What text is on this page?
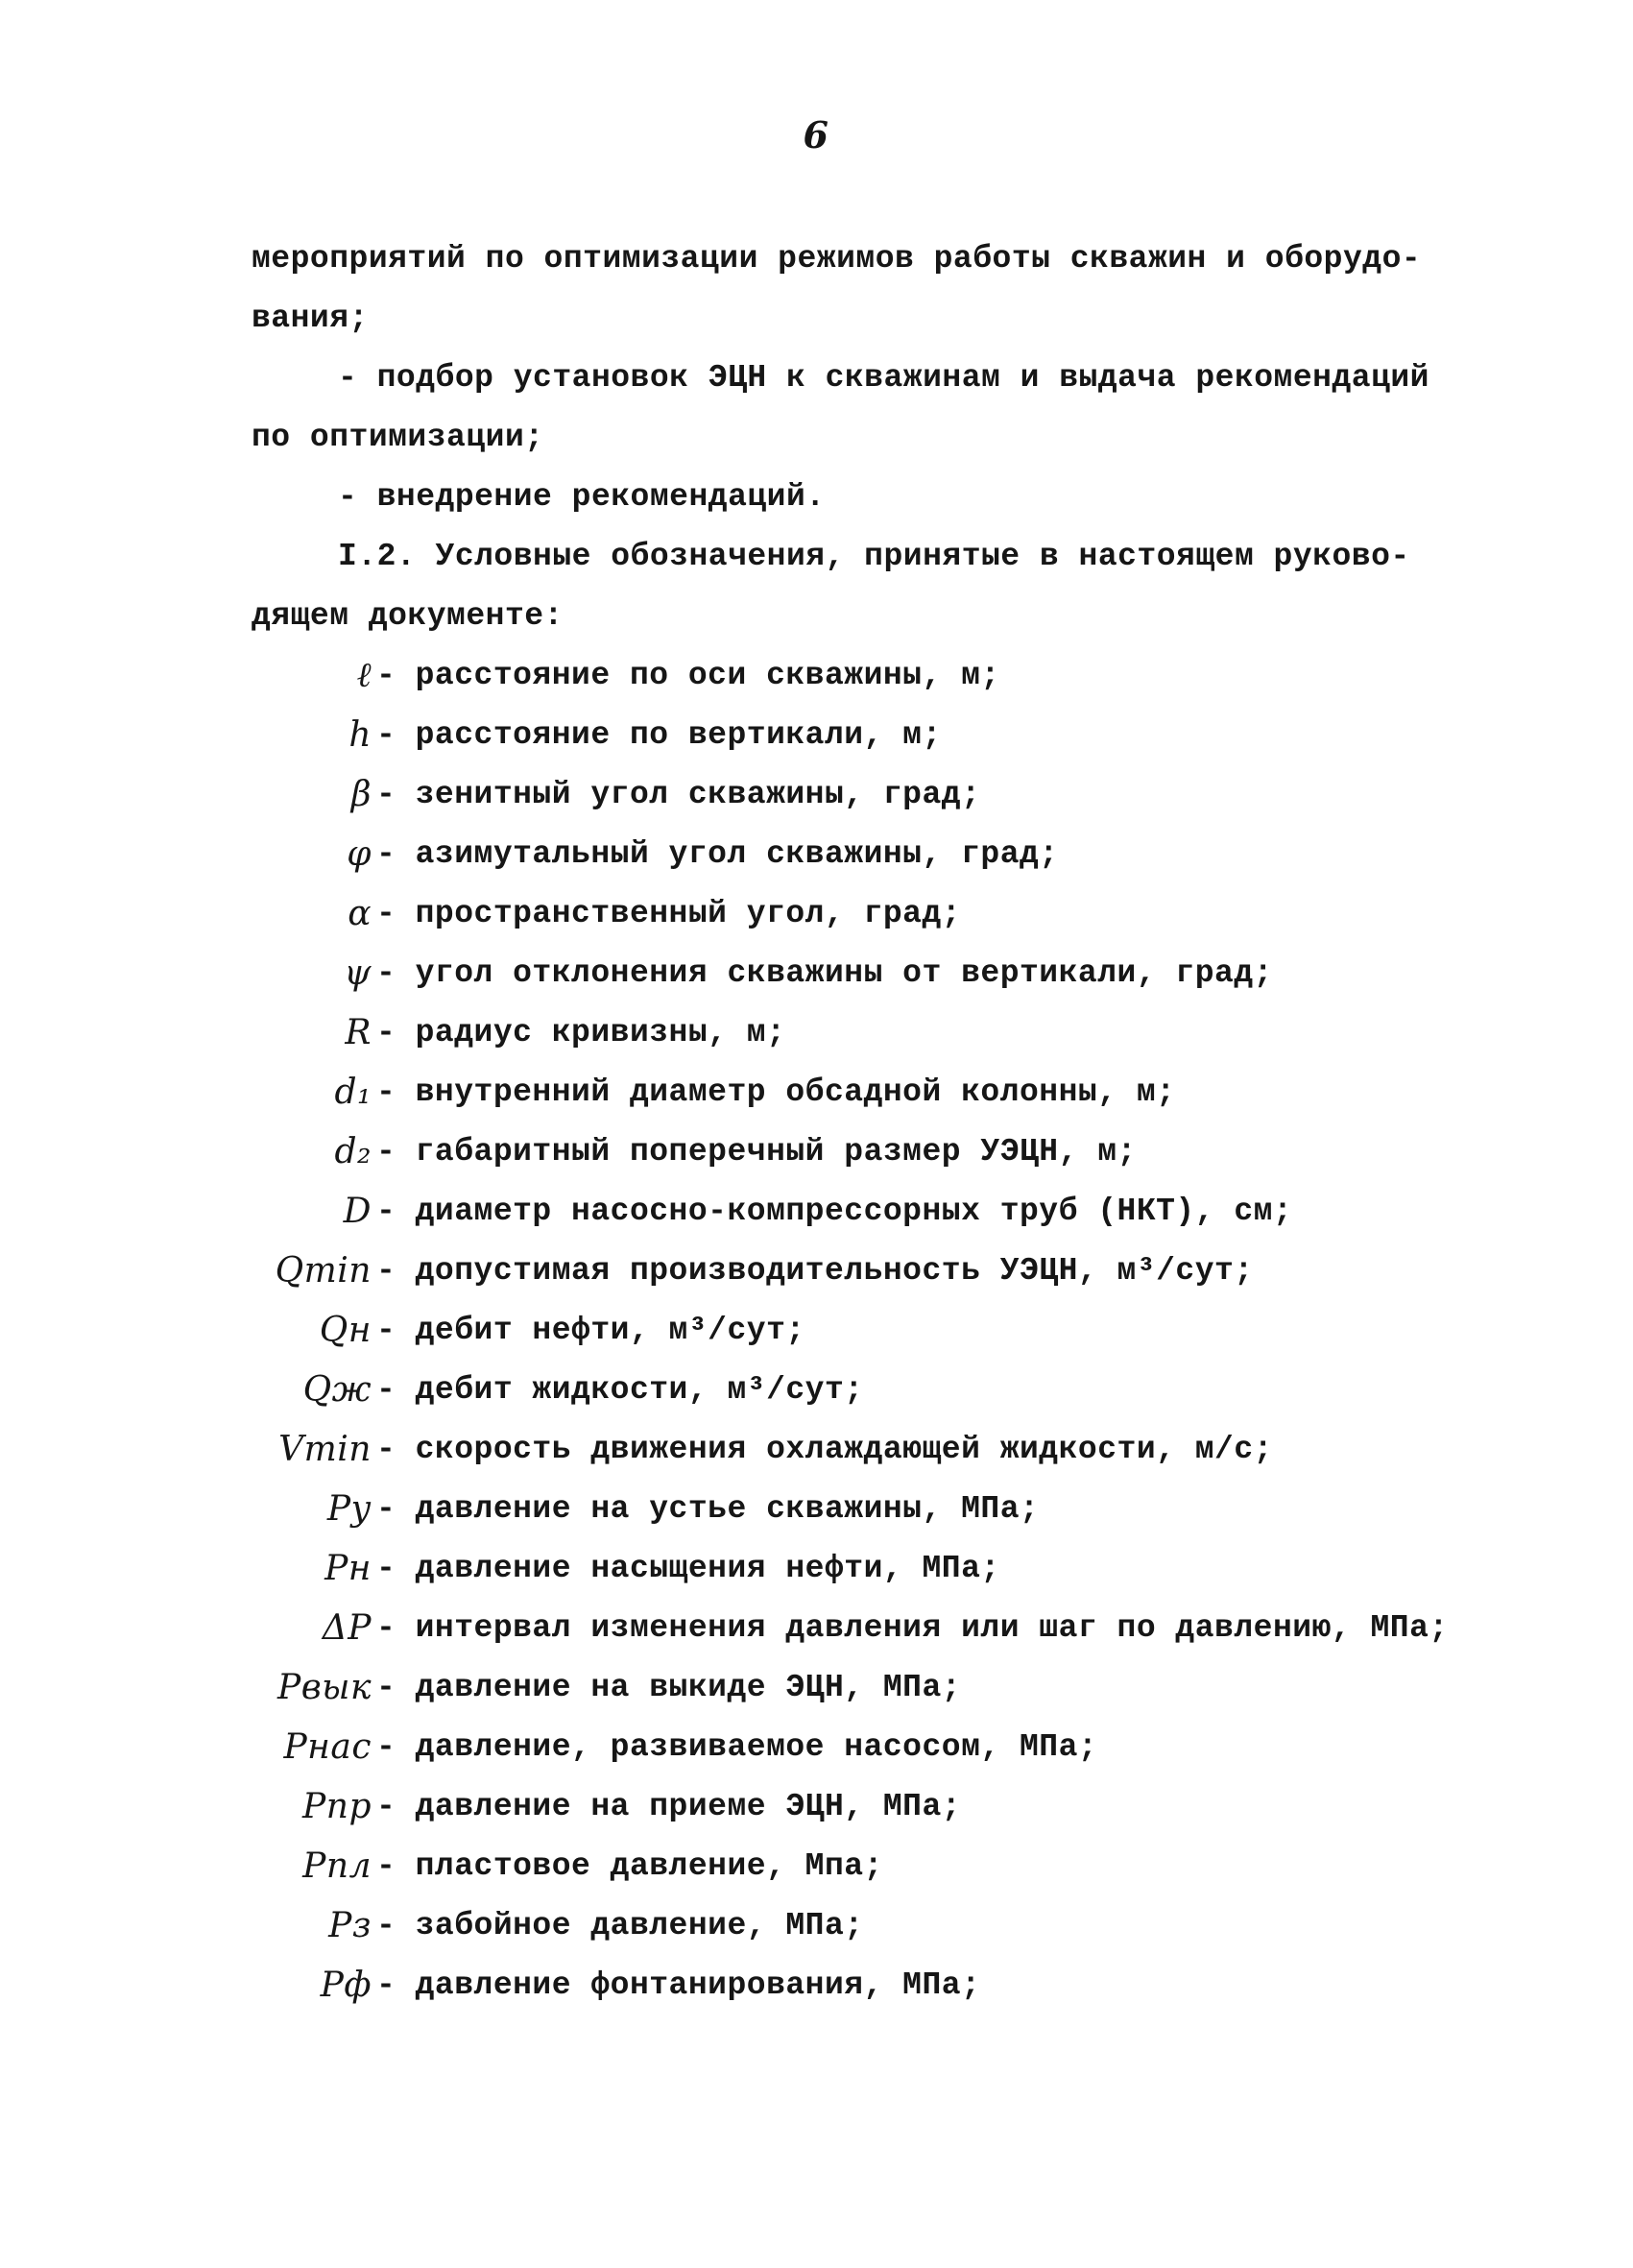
6
мероприятий по оптимизации режимов работы скважин и оборудо-
вания;
- подбор установок ЭЦН к скважинам и выдача рекомендаций
по оптимизации;
- внедрение рекомендаций.
I.2. Условные обозначения, принятые в настоящем руково-
дящем документе:
ℓ - расстояние по оси скважины, м;
h - расстояние по вертикали, м;
β - зенитный угол скважины, град;
φ - азимутальный угол скважины, град;
α - пространственный угол, град;
ψ - угол отклонения скважины от вертикали, град;
R - радиус кривизны, м;
d₁ - внутренний диаметр обсадной колонны, м;
d₂ - габаритный поперечный размер УЭЦН, м;
D - диаметр насосно-компрессорных труб (НКТ), см;
Qmin - допустимая производительность УЭЦН, м³/сут;
Qн - дебит нефти, м³/сут;
Qж - дебит жидкости, м³/сут;
Vmin - скорость движения охлаждающей жидкости, м/с;
Pу - давление на устье скважины, МПа;
Pн - давление насыщения нефти, МПа;
ΔP - интервал изменения давления или шаг по давлению, МПа;
Pвык - давление на выкиде ЭЦН, МПа;
Pнас - давление, развиваемое насосом, МПа;
Pпр - давление на приеме ЭЦН, МПа;
Pпл - пластовое давление, Мпа;
Pз - забойное давление, МПа;
Pф - давление фонтанирования, МПа;
